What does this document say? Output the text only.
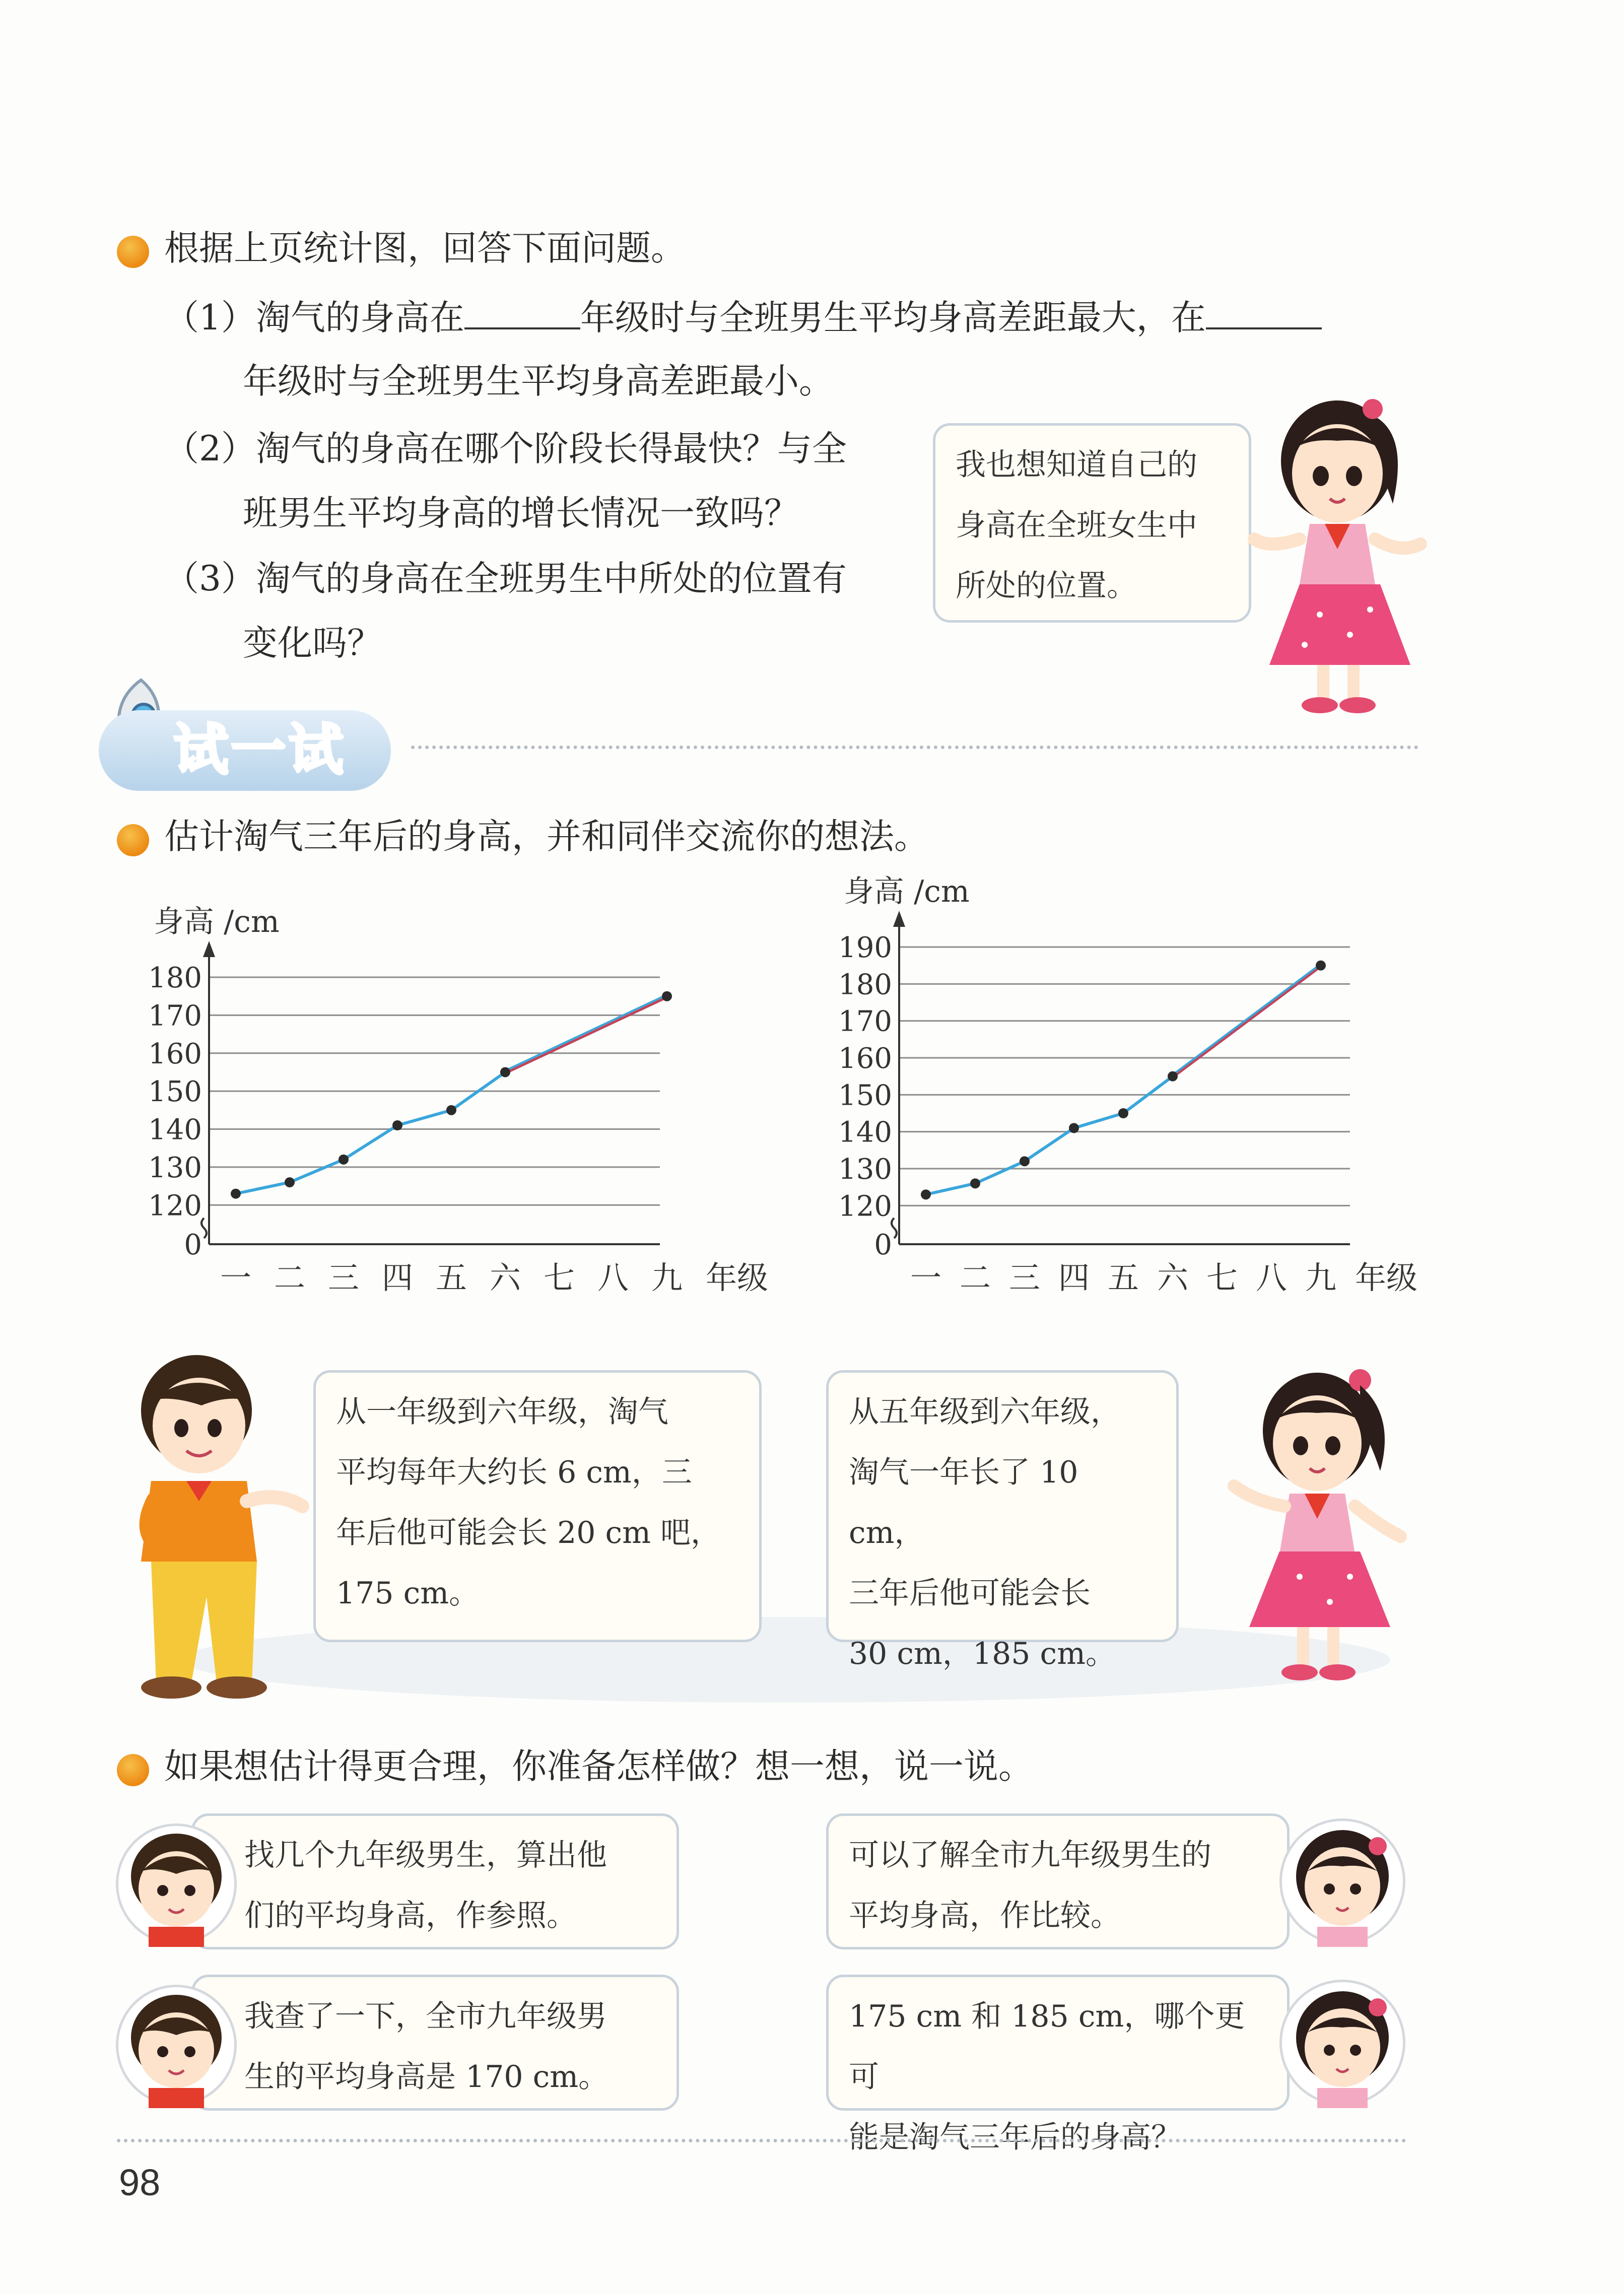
根据上页统计图，回答下面问题。
（1）淘气的身高在	年级时与全班男生平均身高差距最大，在
年级时与全班男生平均身高差距最小。
（2）淘气的身高在哪个阶段长得最快？与全
班男生平均身高的增长情况一致吗？
（3）淘气的身高在全班男生中所处的位置有
变化吗？
我也想知道自己的
身高在全班女生中
所处的位置。
试一试
估计淘气三年后的身高，并和同伴交流你的想法。
0
120
130
140
150
160
170
180
身高 /cm
一 二 三 四 五 六 七 八 九 年级
0
120
130
140
150
160
170
180
190
身高 /cm
一 二 三 四 五 六 七 八 九 年级
从一年级到六年级，淘气
平均每年大约长 6 cm，三
年后他可能会长 20 cm 吧，
175 cm。
从五年级到六年级，
淘气一年长了 10 cm，
三年后他可能会长
30 cm，185 cm。
如果想估计得更合理，你准备怎样做？想一想，说一说。
找几个九年级男生，算出他
们的平均身高，作参照。
可以了解全市九年级男生的
平均身高，作比较。
我查了一下，全市九年级男
生的平均身高是 170 cm。
175 cm 和 185 cm，哪个更可
能是淘气三年后的身高？
98
